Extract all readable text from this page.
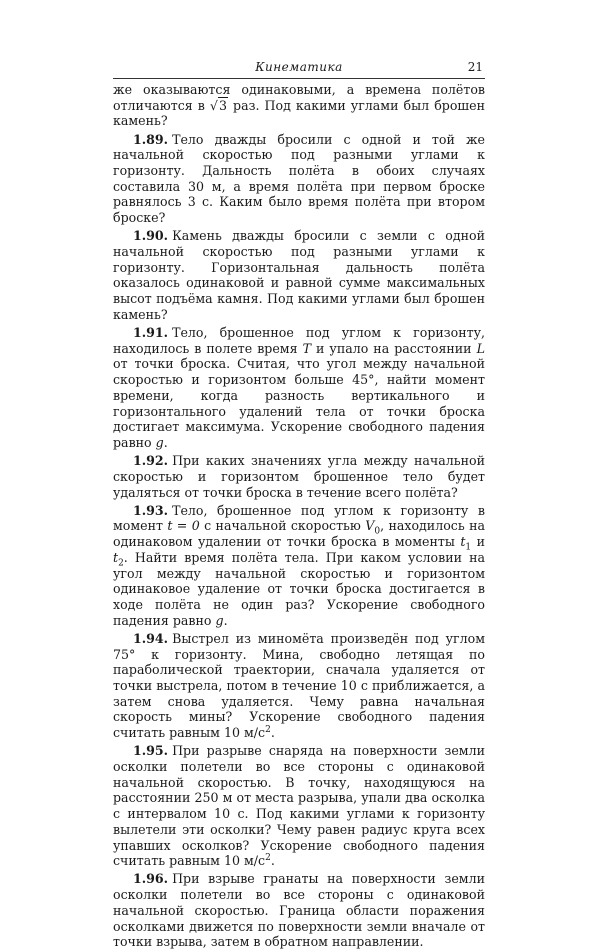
Кинематика	21

же оказываются одинаковыми, а времена полётов отличаются в √3 раз. Под какими углами был брошен камень?

1.89. Тело дважды бросили с одной и той же начальной скоростью под разными углами к горизонту. Дальность полёта в обоих случаях составила 30 м, а время полёта при первом броске равнялось 3 с. Каким было время полёта при втором броске?

1.90. Камень дважды бросили с земли с одной начальной скоростью под разными углами к горизонту. Горизонтальная дальность полёта оказалось одинаковой и равной сумме максимальных высот подъёма камня. Под какими углами был брошен камень?

1.91. Тело, брошенное под углом к горизонту, находилось в полете время T и упало на расстоянии L от точки броска. Считая, что угол между начальной скоростью и горизонтом больше 45°, найти момент времени, когда разность вертикального и горизонтального удалений тела от точки броска достигает максимума. Ускорение свободного падения равно g.

1.92. При каких значениях угла между начальной скоростью и горизонтом брошенное тело будет удаляться от точки броска в течение всего полёта?

1.93. Тело, брошенное под углом к горизонту в момент t = 0 с начальной скоростью $V_0$, находилось на одинаковом удалении от точки броска в моменты $t_1$ и $t_2$. Найти время полёта тела. При каком условии на угол между начальной скоростью и горизонтом одинаковое удаление от точки броска достигается в ходе полёта не один раз? Ускорение свободного падения равно g.

1.94. Выстрел из миномёта произведён под углом 75° к горизонту. Мина, свободно летящая по параболической траектории, сначала удаляется от точки выстрела, потом в течение 10 с приближается, а затем снова удаляется. Чему равна начальная скорость мины? Ускорение свободного падения считать равным 10 $м/с^2$.

1.95. При разрыве снаряда на поверхности земли осколки полетели во все стороны с одинаковой начальной скоростью. В точку, находящуюся на расстоянии 250 м от места разрыва, упали два осколка с интервалом 10 с. Под какими углами к горизонту вылетели эти осколки? Чему равен радиус круга всех упавших осколков? Ускорение свободного падения считать равным 10 $м/с^2$.

1.96. При взрыве гранаты на поверхности земли осколки полетели во все стороны с одинаковой начальной скоростью. Граница области поражения осколками движется по поверхности земли вначале от точки взрыва, затем в обратном направлении.
